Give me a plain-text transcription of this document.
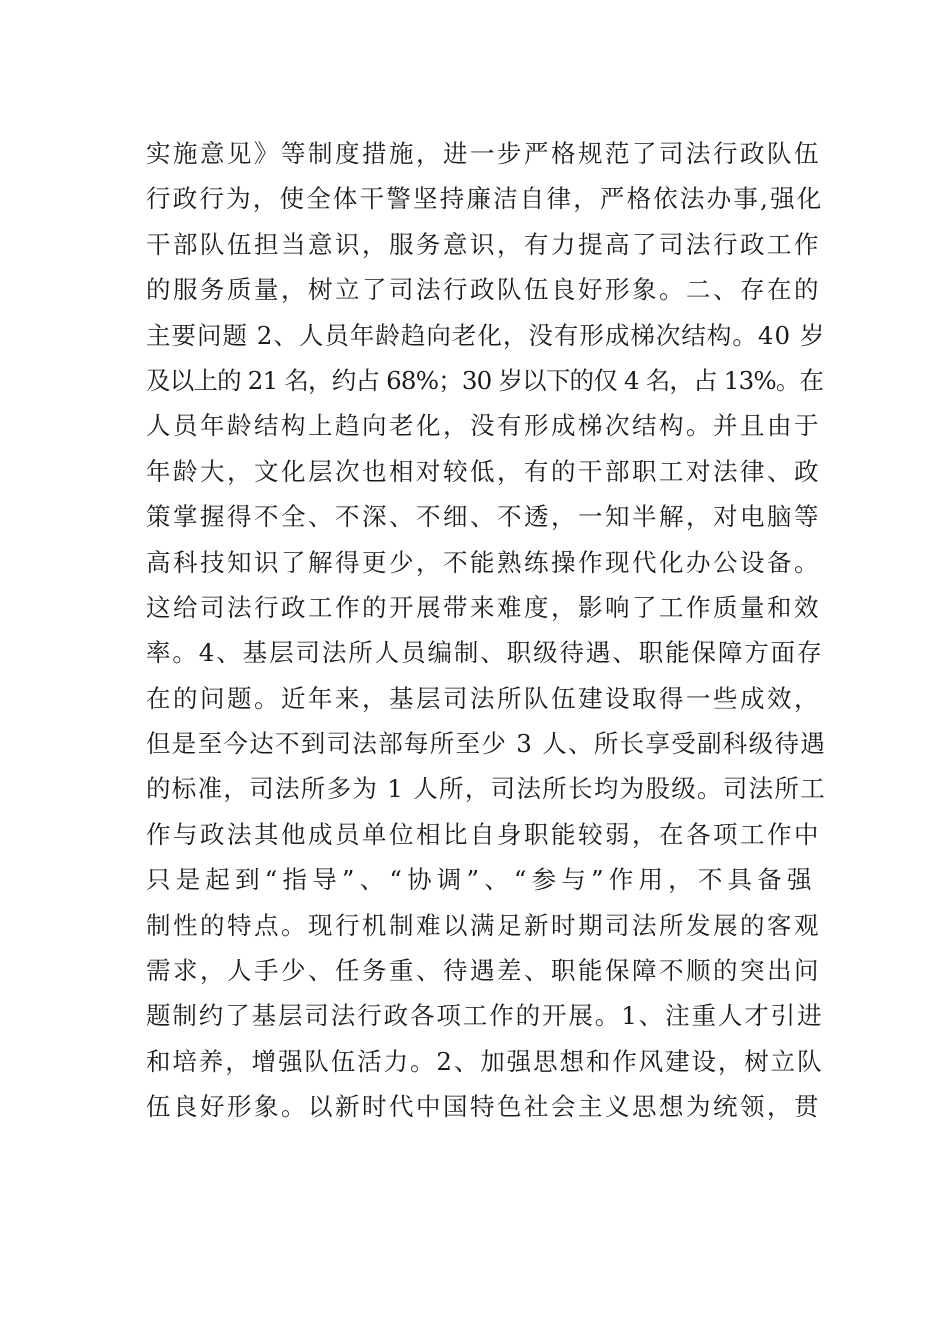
实施意见》等制度措施，进一步严格规范了司法行政队伍
行政行为，使全体干警坚持廉洁自律，严格依法办事,强化
干部队伍担当意识，服务意识，有力提高了司法行政工作
的服务质量，树立了司法行政队伍良好形象。二、存在的
主要问题 2、人员年龄趋向老化，没有形成梯次结构。40 岁
及以上的 21 名，约占 68%；30 岁以下的仅 4 名，占 13%。在
人员年龄结构上趋向老化，没有形成梯次结构。并且由于
年龄大，文化层次也相对较低，有的干部职工对法律、政
策掌握得不全、不深、不细、不透，一知半解，对电脑等
高科技知识了解得更少，不能熟练操作现代化办公设备。
这给司法行政工作的开展带来难度，影响了工作质量和效
率。4、基层司法所人员编制、职级待遇、职能保障方面存
在的问题。近年来，基层司法所队伍建设取得一些成效，
但是至今达不到司法部每所至少 3 人、所长享受副科级待遇
的标准，司法所多为 1 人所，司法所长均为股级。司法所工
作与政法其他成员单位相比自身职能较弱，在各项工作中
只是起到“指导”、“协调”、“参与”作用，不具备强
制性的特点。现行机制难以满足新时期司法所发展的客观
需求，人手少、任务重、待遇差、职能保障不顺的突出问
题制约了基层司法行政各项工作的开展。1、注重人才引进
和培养，增强队伍活力。2、加强思想和作风建设，树立队
伍良好形象。以新时代中国特色社会主义思想为统领，贯
